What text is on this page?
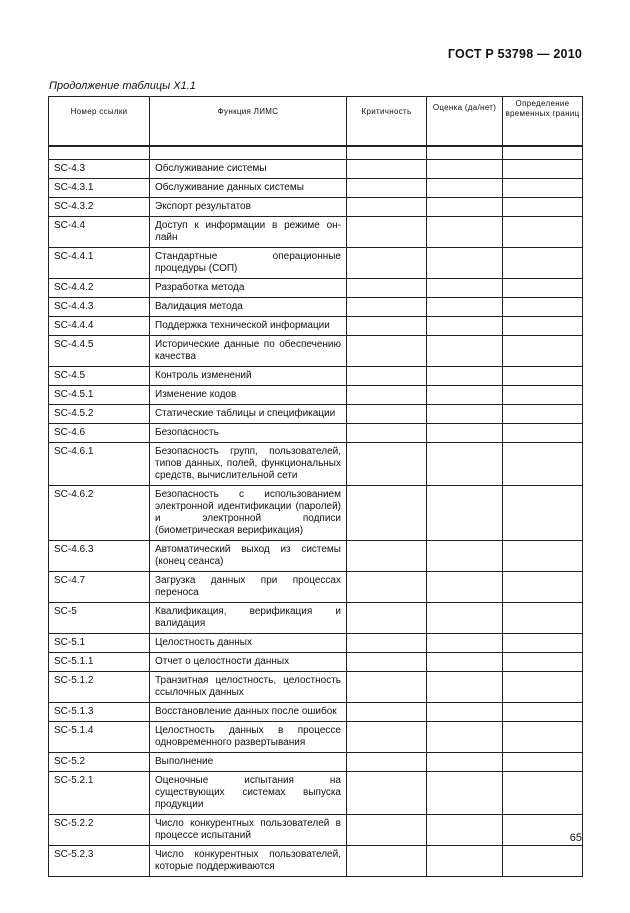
ГОСТ Р 53798 — 2010
Продолжение таблицы X1.1
Номер ссылки	Функция ЛИМС	Критичность	Оценка (да/нет)	Определение временных границ

SC-4.3	Обслуживание системы			
SC-4.3.1	Обслуживание данных системы			
SC-4.3.2	Экспорт результатов			
SC-4.4	Доступ к информации в режиме он-лайн			
SC-4.4.1	Стандартные операционные процедуры (СОП)			
SC-4.4.2	Разработка метода			
SC-4.4.3	Валидация метода			
SC-4.4.4	Поддержка технической информации			
SC-4.4.5	Исторические данные по обеспечению качества			
SC-4.5	Контроль изменений			
SC-4.5.1	Изменение кодов			
SC-4.5.2	Статические таблицы и спецификации			
SC-4.6	Безопасность			
SC-4.6.1	Безопасность групп, пользователей, типов данных, полей, функциональных средств, вычислительной сети			
SC-4.6.2	Безопасность с использованием электронной идентификации (паролей) и электронной подписи (биометрическая верификация)			
SC-4.6.3	Автоматический выход из системы (конец сеанса)			
SC-4.7	Загрузка данных при процессах переноса			
SC-5	Квалификация, верификация и валидация			
SC-5.1	Целостность данных			
SC-5.1.1	Отчет о целостности данных			
SC-5.1.2	Транзитная целостность, целостность ссылочных данных			
SC-5.1.3	Восстановление данных после ошибок			
SC-5.1.4	Целостность данных в процессе одновременного развертывания			
SC-5.2	Выполнение			
SC-5.2.1	Оценочные испытания на существующих системах выпуска продукции			
SC-5.2.2	Число конкурентных пользователей в процессе испытаний			
SC-5.2.3	Число конкурентных пользователей, которые поддерживаются			
65
